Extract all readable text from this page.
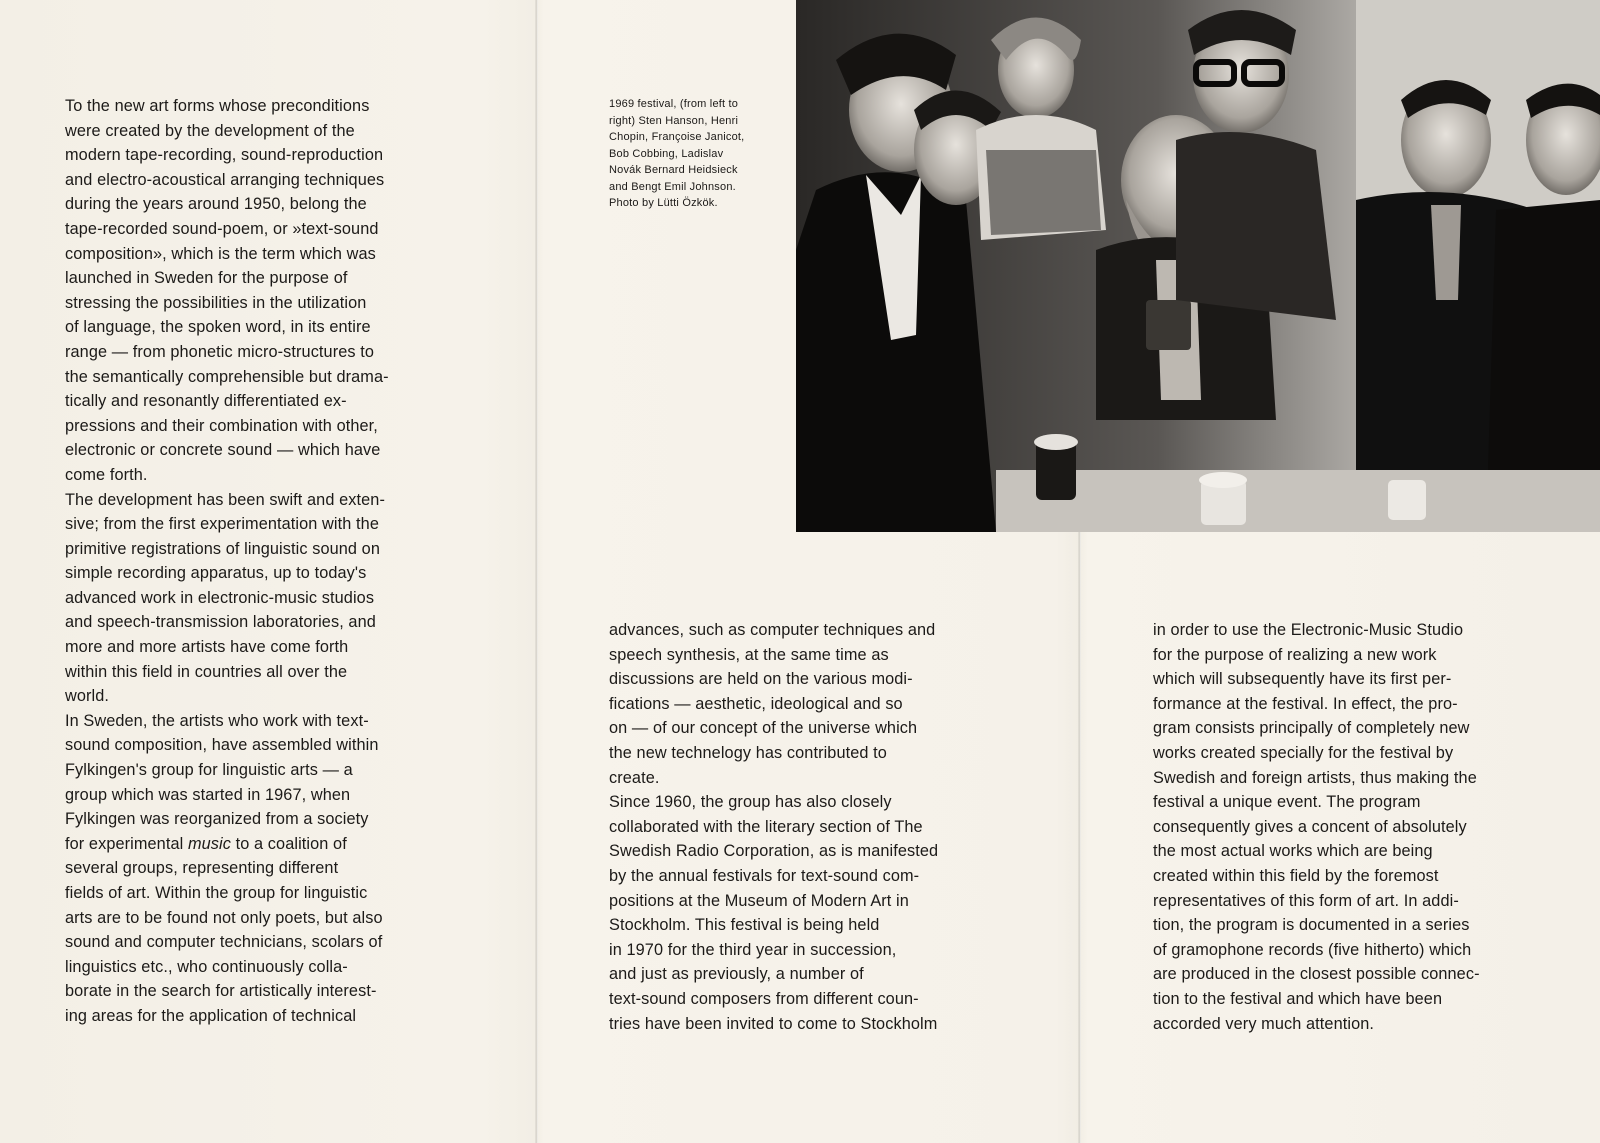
To the new art forms whose preconditions
were created by the development of the
modern tape-recording, sound-reproduction
and electro-acoustical arranging techniques
during the years around 1950, belong the
tape-recorded sound-poem, or »text-sound
composition», which is the term which was
launched in Sweden for the purpose of
stressing the possibilities in the utilization
of language, the spoken word, in its entire
range — from phonetic micro-structures to
the semantically comprehensible but drama-
tically and resonantly differentiated ex-
pressions and their combination with other,
electronic or concrete sound — which have
come forth.

The development has been swift and exten-
sive; from the first experimentation with the
primitive registrations of linguistic sound on
simple recording apparatus, up to today's
advanced work in electronic-music studios
and speech-transmission laboratories, and
more and more artists have come forth
within this field in countries all over the
world.

In Sweden, the artists who work with text-
sound composition, have assembled within
Fylkingen's group for linguistic arts — a
group which was started in 1967, when
Fylkingen was reorganized from a society
for experimental music to a coalition of
several groups, representing different
fields of art. Within the group for linguistic
arts are to be found not only poets, but also
sound and computer technicians, scolars of
linguistics etc., who continuously colla-
borate in the search for artistically interest-
ing areas for the application of technical

1969 festival, (from left to
right) Sten Hanson, Henri
Chopin, Françoise Janicot,
Bob Cobbing, Ladislav
Novák Bernard Heidsieck
and Bengt Emil Johnson.
Photo by Lütti Özkök.

advances, such as computer techniques and
speech synthesis, at the same time as
discussions are held on the various modi-
fications — aesthetic, ideological and so
on — of our concept of the universe which
the new technelogy has contributed to
create.

Since 1960, the group has also closely
collaborated with the literary section of The
Swedish Radio Corporation, as is manifested
by the annual festivals for text-sound com-
positions at the Museum of Modern Art in
Stockholm. This festival is being held
in 1970 for the third year in succession,
and just as previously, a number of
text-sound composers from different coun-
tries have been invited to come to Stockholm

in order to use the Electronic-Music Studio
for the purpose of realizing a new work
which will subsequently have its first per-
formance at the festival. In effect, the pro-
gram consists principally of completely new
works created specially for the festival by
Swedish and foreign artists, thus making the
festival a unique event. The program
consequently gives a concent of absolutely
the most actual works which are being
created within this field by the foremost
representatives of this form of art. In addi-
tion, the program is documented in a series
of gramophone records (five hitherto) which
are produced in the closest possible connec-
tion to the festival and which have been
accorded very much attention.
